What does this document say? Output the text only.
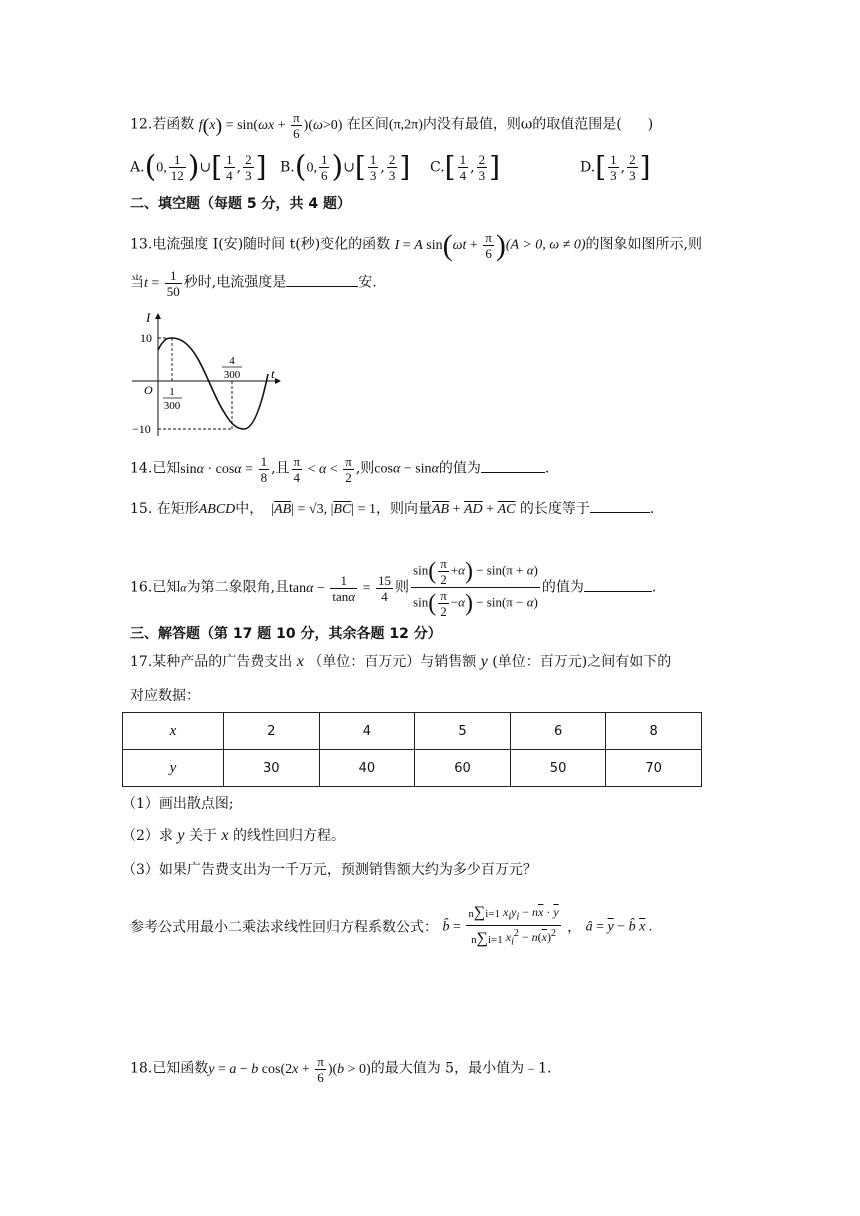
12.若函数 $f(x) = \sin(\omega x + \frac{\pi}{6} )(\omega>0)$ 在区间(π,2π)内没有最值，则ω的取值范围是( )
A.(0, $\frac{1}{12}$ )∪[ $\frac{1}{4}$ , $\frac{2}{3}$ ] B.(0, $\frac{1}{6}$ )∪[ $\frac{1}{3}$ , $\frac{2}{3}$ ] $C.[ \frac{1}{4}$ , $\frac{2}{3}$ ]	$D.[ \frac{1}{3}$ , $\frac{2}{3}$ ]
二、填空题（每题 5 分，共 4 题）
13.电流强度 I(安)随时间 t(秒)变化的函数 I = A $\sin(\omega t + \frac{\pi}{6} )(A > 0$, ω ≠ 0)的图象如图所示,则
当$t = \frac{1}{50}$ 秒时,电流强度是	安.
I
t
O
10
−10
1
300
4
300
14.已知$\sin\alpha \cdot \cos\alpha = \frac{1}{8}$ ,且 $\frac{\pi}{4} < \alpha < \frac{\pi}{2}$ ,则cosα − sinα的值为	.
15. 在矩形ABCD中， $|\overline{AB}| = √3$, $|\overline{BC}| = 1$，则向量$\overline{AB} + \overline{AD} + \overline{AC}$ 的长度等于	.
16.已知α为第二象限角,且$\tan\alpha - \frac{1}{\tan\alpha} = \frac{15}{4}$ 则 $\frac{\sin( \frac{\pi}{2} +\alpha) - \sin(\pi + \alpha)}{\sin( \frac{\pi}{2} -\alpha) - \sin(\pi - \alpha)}$ 的值为	.
三、解答题（第 17 题 10 分，其余各题 12 分）
17.某种产品的广告费支出 x （单位：百万元）与销售额 y (单位：百万元)之间有如下的
对应数据：
x	2	4	5	6	8
y	30	40	60	50	70
（1）画出散点图;
（2）求 y 关于 x 的线性回归方程。
（3）如果广告费支出为一千万元，预测销售额大约为多少百万元？
参考公式用最小二乘法求线性回归方程系数公式： b̂ = $\frac{n\sum i=1 x_iy_i - n\overline{x} \cdot \overline{y}}{n\sum i=1 x_i^2 - n(\overline{x})^2}$ ， â = $\overline{y}$ − b̂ $\overline{x}$ .
18.已知函数y = a − b $\cos(2x + \frac{\pi}{6} )(b > 0)$的最大值为 5，最小值为﹣1.
